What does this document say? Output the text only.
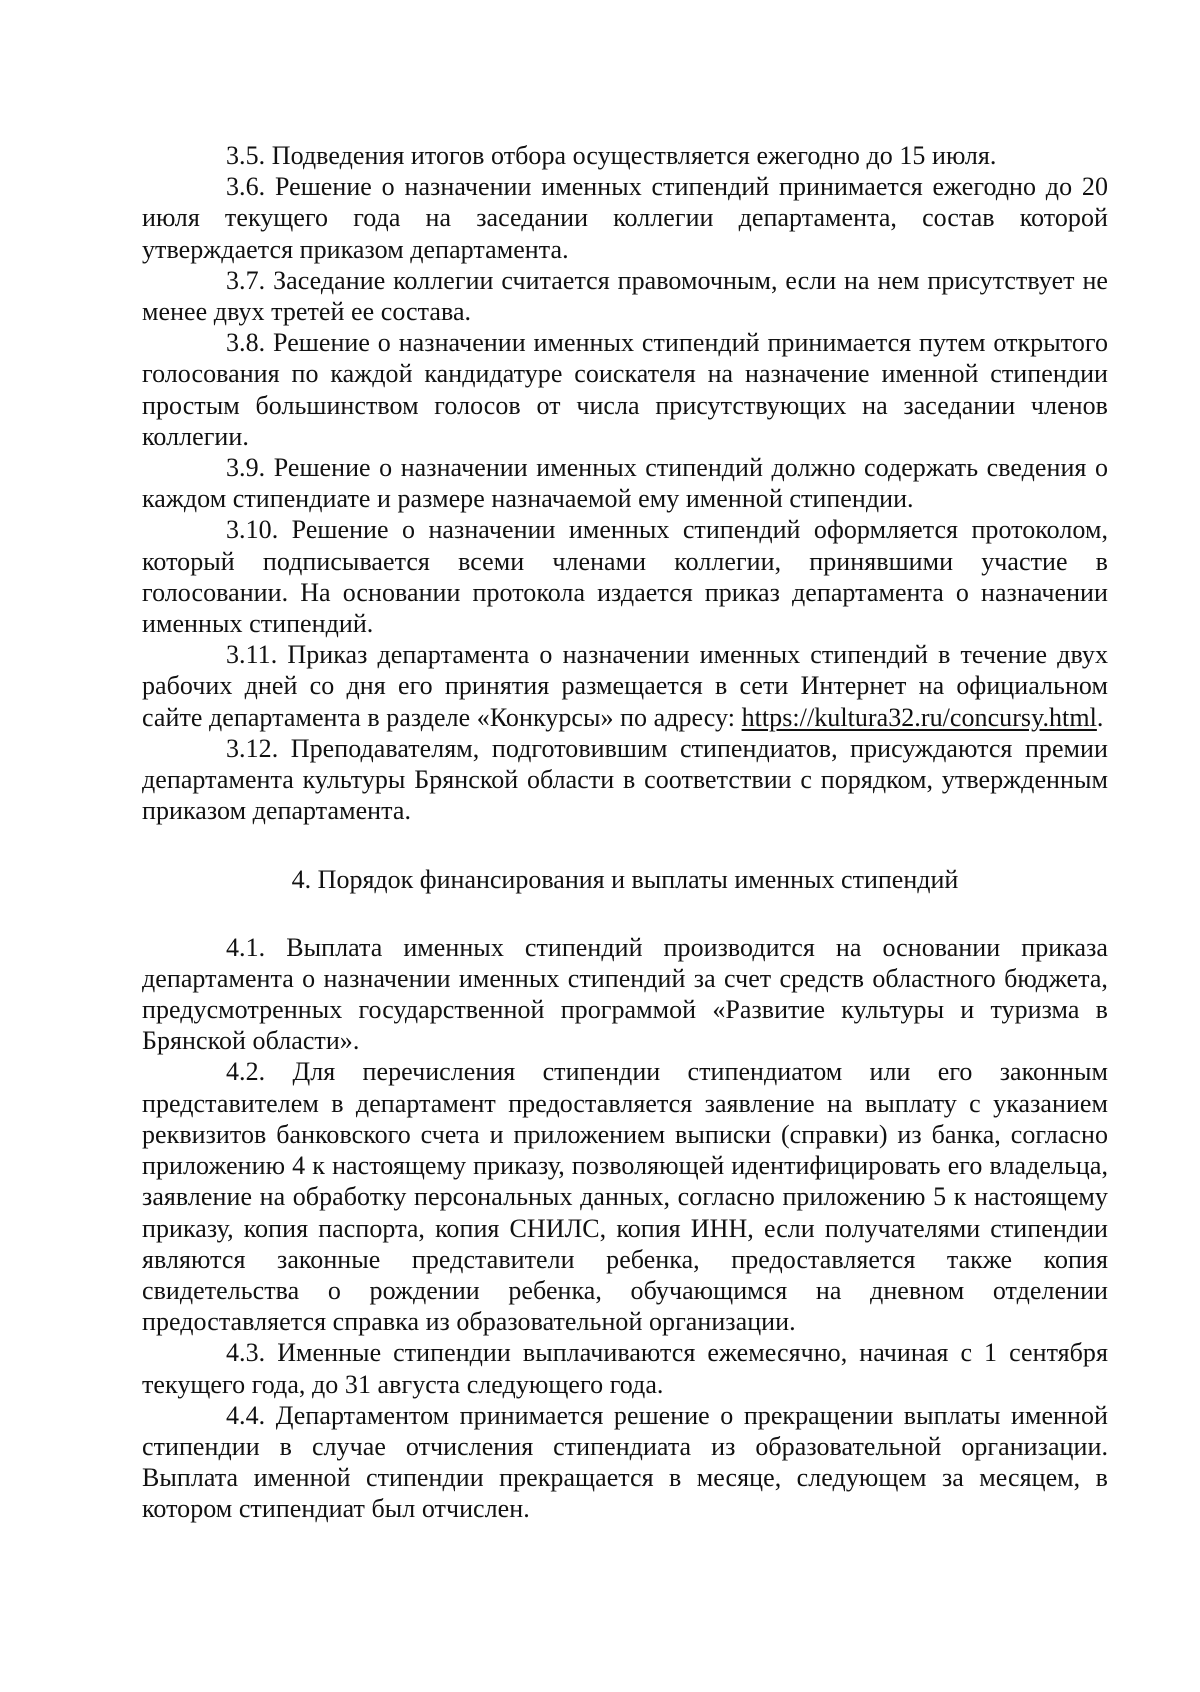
3.5. Подведения итогов отбора осуществляется ежегодно до 15 июля.

3.6. Решение о назначении именных стипендий принимается ежегодно до 20 июля текущего года на заседании коллегии департамента, состав которой утверждается приказом департамента.

3.7. Заседание коллегии считается правомочным, если на нем присутствует не менее двух третей ее состава.

3.8. Решение о назначении именных стипендий принимается путем открытого голосования по каждой кандидатуре соискателя на назначение именной стипендии простым большинством голосов от числа присутствующих на заседании членов коллегии.

3.9. Решение о назначении именных стипендий должно содержать сведения о каждом стипендиате и размере назначаемой ему именной стипендии.

3.10. Решение о назначении именных стипендий оформляется протоколом, который подписывается всеми членами коллегии, принявшими участие в голосовании. На основании протокола издается приказ департамента о назначении именных стипендий.

3.11. Приказ департамента о назначении именных стипендий в течение двух рабочих дней со дня его принятия размещается в сети Интернет на официальном сайте департамента в разделе «Конкурсы» по адресу: https://kultura32.ru/concursy.html.

3.12. Преподавателям, подготовившим стипендиатов, присуждаются премии департамента культуры Брянской области в соответствии с порядком, утвержденным приказом департамента.

4. Порядок финансирования и выплаты именных стипендий

4.1. Выплата именных стипендий производится на основании приказа департамента о назначении именных стипендий за счет средств областного бюджета, предусмотренных государственной программой «Развитие культуры и туризма в Брянской области».

4.2. Для перечисления стипендии стипендиатом или его законным представителем в департамент предоставляется заявление на выплату с указанием реквизитов банковского счета и приложением выписки (справки) из банка, согласно приложению 4 к настоящему приказу, позволяющей идентифицировать его владельца, заявление на обработку персональных данных, согласно приложению 5 к настоящему приказу, копия паспорта, копия СНИЛС, копия ИНН, если получателями стипендии являются законные представители ребенка, предоставляется также копия свидетельства о рождении ребенка, обучающимся на дневном отделении предоставляется справка из образовательной организации.

4.3. Именные стипендии выплачиваются ежемесячно, начиная с 1 сентября текущего года, до 31 августа следующего года.

4.4. Департаментом принимается решение о прекращении выплаты именной стипендии в случае отчисления стипендиата из образовательной организации. Выплата именной стипендии прекращается в месяце, следующем за месяцем, в котором стипендиат был отчислен.
